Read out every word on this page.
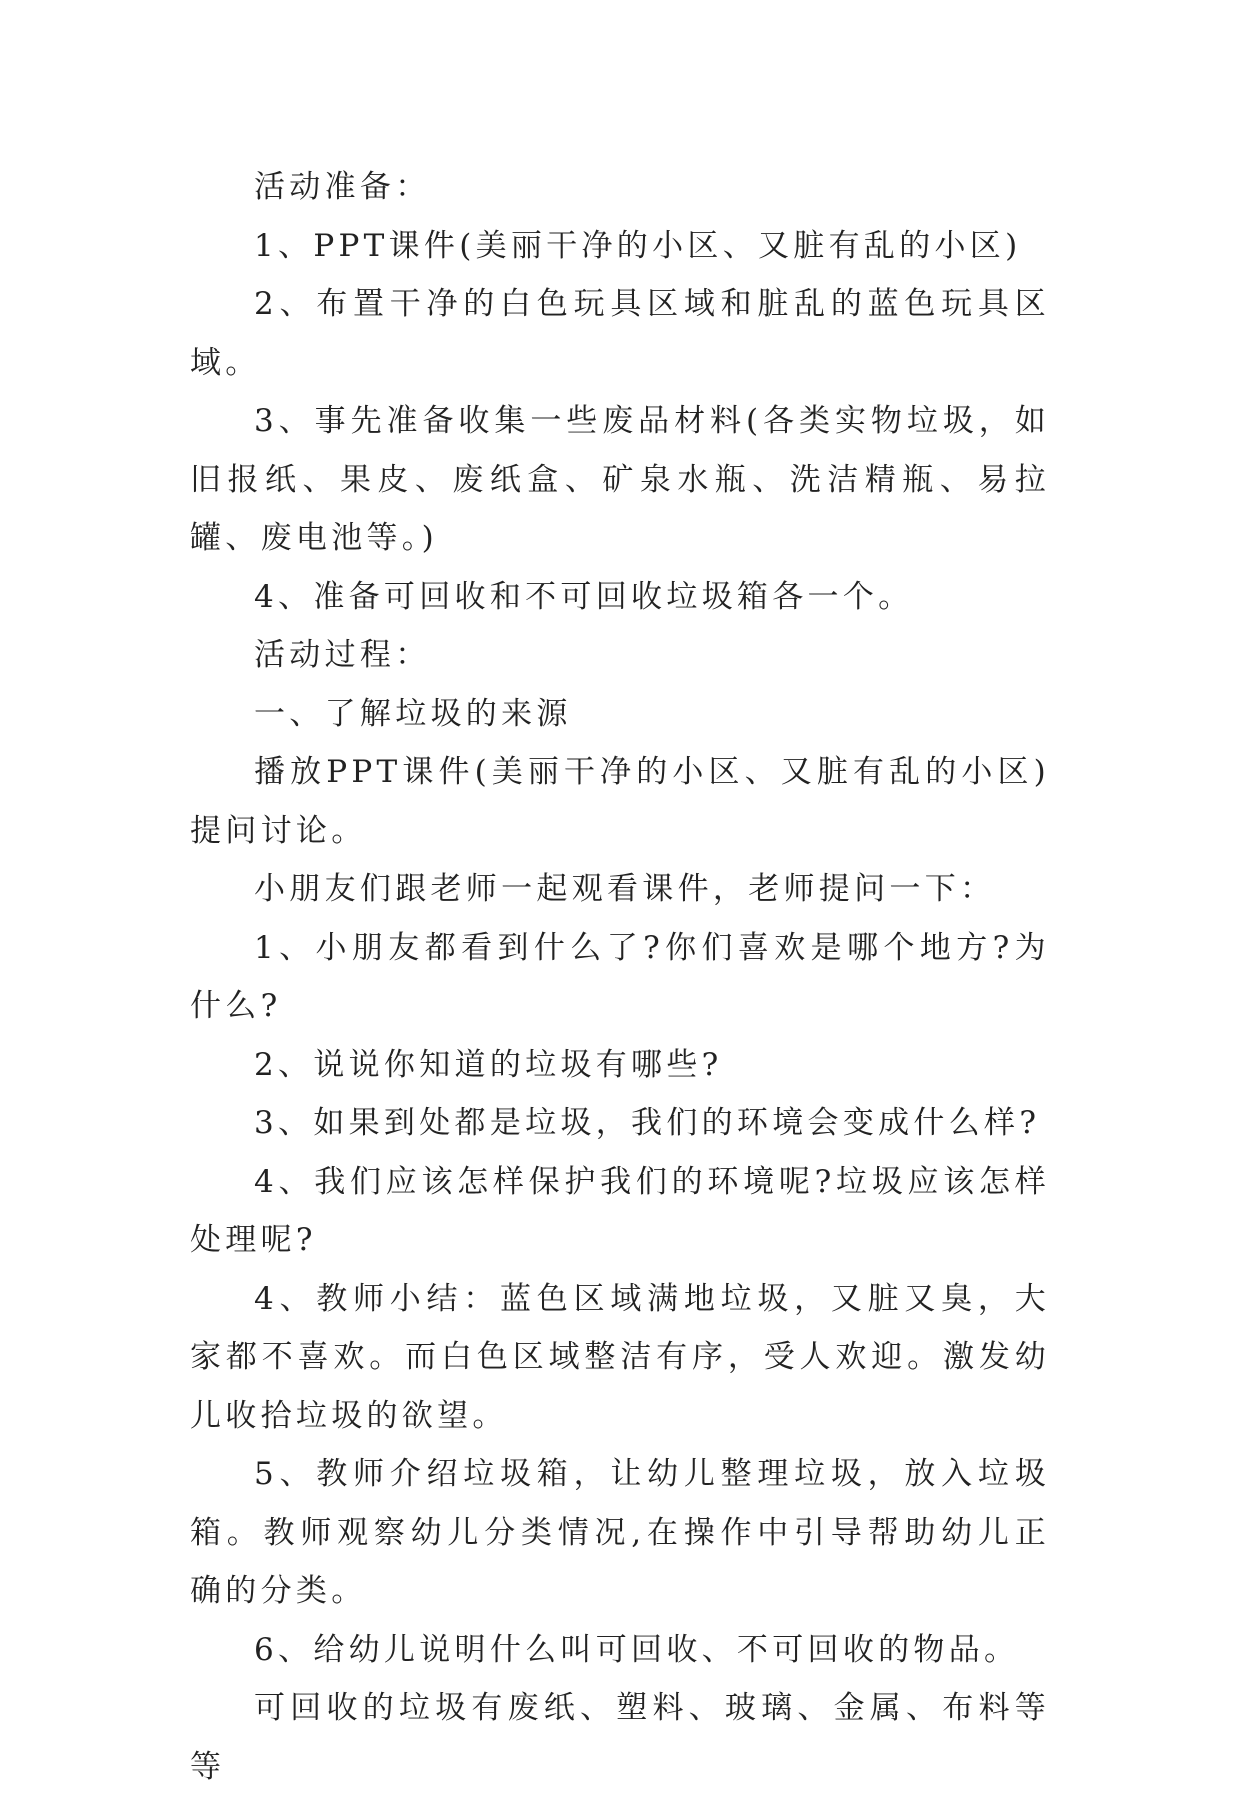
活动准备：

1、PPT课件(美丽干净的小区、又脏有乱的小区)

2、布置干净的白色玩具区域和脏乱的蓝色玩具区域。

3、事先准备收集一些废品材料(各类实物垃圾，如旧报纸、果皮、废纸盒、矿泉水瓶、洗洁精瓶、易拉罐、废电池等。)

4、准备可回收和不可回收垃圾箱各一个。

活动过程：

一、了解垃圾的来源

播放PPT课件(美丽干净的小区、又脏有乱的小区)提问讨论。

小朋友们跟老师一起观看课件，老师提问一下：

1、小朋友都看到什么了?你们喜欢是哪个地方?为什么?

2、说说你知道的垃圾有哪些?

3、如果到处都是垃圾，我们的环境会变成什么样?

4、我们应该怎样保护我们的环境呢?垃圾应该怎样处理呢?

4、教师小结：蓝色区域满地垃圾，又脏又臭，大家都不喜欢。而白色区域整洁有序，受人欢迎。激发幼儿收拾垃圾的欲望。

5、教师介绍垃圾箱，让幼儿整理垃圾，放入垃圾箱。教师观察幼儿分类情况,在操作中引导帮助幼儿正确的分类。

6、给幼儿说明什么叫可回收、不可回收的物品。

可回收的垃圾有废纸、塑料、玻璃、金属、布料等等
